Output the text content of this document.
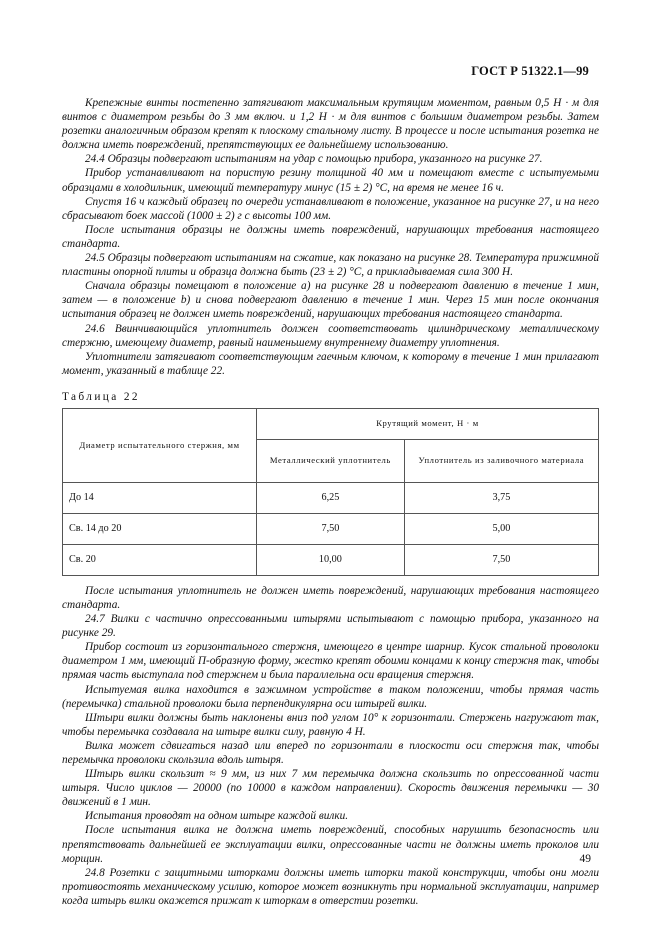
ГОСТ Р 51322.1—99

Крепежные винты постепенно затягивают максимальным крутящим моментом, равным 0,5 Н · м для винтов с диаметром резьбы до 3 мм включ. и 1,2 Н · м для винтов с большим диаметром резьбы. Затем розетки аналогичным образом крепят к плоскому стальному листу. В процессе и после испытания розетка не должна иметь повреждений, препятствующих ее дальнейшему использованию.

24.4 Образцы подвергают испытаниям на удар с помощью прибора, указанного на рисунке 27.

Прибор устанавливают на пористую резину толщиной 40 мм и помещают вместе с испытуемыми образцами в холодильник, имеющий температуру минус (15 ± 2) °С, на время не менее 16 ч.

Спустя 16 ч каждый образец по очереди устанавливают в положение, указанное на рисунке 27, и на него сбрасывают боек массой (1000 ± 2) г с высоты 100 мм.

После испытания образцы не должны иметь повреждений, нарушающих требования настоящего стандарта.

24.5 Образцы подвергают испытаниям на сжатие, как показано на рисунке 28. Температура прижимной пластины опорной плиты и образца должна быть (23 ± 2) °С, а прикладываемая сила 300 Н.

Сначала образцы помещают в положение а) на рисунке 28 и подвергают давлению в течение 1 мин, затем — в положение b) и снова подвергают давлению в течение 1 мин. Через 15 мин после окончания испытания образец не должен иметь повреждений, нарушающих требования настоящего стандарта.

24.6 Ввинчивающийся уплотнитель должен соответствовать цилиндрическому металлическому стержню, имеющему диаметр, равный наименьшему внутреннему диаметру уплотнения.

Уплотнители затягивают соответствующим гаечным ключом, к которому в течение 1 мин прилагают момент, указанный в таблице 22.

Таблица 22
Диаметр испытательного стержня, мм	Крутящий момент, Н · м	
	Металлический уплотнитель	Уплотнитель из заливочного материала
До 14	6,25	3,75
Св. 14 до 20	7,50	5,00
Св. 20	10,00	7,50

После испытания уплотнитель не должен иметь повреждений, нарушающих требования настоящего стандарта.

24.7 Вилки с частично опрессованными штырями испытывают с помощью прибора, указанного на рисунке 29.

Прибор состоит из горизонтального стержня, имеющего в центре шарнир. Кусок стальной проволоки диаметром 1 мм, имеющий П-образную форму, жестко крепят обоими концами к концу стержня так, чтобы прямая часть выступала под стержнем и была параллельна оси вращения стержня.

Испытуемая вилка находится в зажимном устройстве в таком положении, чтобы прямая часть (перемычка) стальной проволоки была перпендикулярна оси штырей вилки.

Штыри вилки должны быть наклонены вниз под углом 10° к горизонтали. Стержень нагружают так, чтобы перемычка создавала на штыре вилки силу, равную 4 Н.

Вилка может сдвигаться назад или вперед по горизонтали в плоскости оси стержня так, чтобы перемычка проволоки скользила вдоль штыря.

Штырь вилки скользит ≈ 9 мм, из них 7 мм перемычка должна скользить по опрессованной части штыря. Число циклов — 20000 (по 10000 в каждом направлении). Скорость движения перемычки — 30 движений в 1 мин.

Испытания проводят на одном штыре каждой вилки.

После испытания вилка не должна иметь повреждений, способных нарушить безопасность или препятствовать дальнейшей ее эксплуатации вилки, опрессованные части не должны иметь проколов или морщин.

24.8 Розетки с защитными шторками должны иметь шторки такой конструкции, чтобы они могли противостоять механическому усилию, которое может возникнуть при нормальной эксплуатации, например когда штырь вилки окажется прижат к шторкам в отверстии розетки.

49
